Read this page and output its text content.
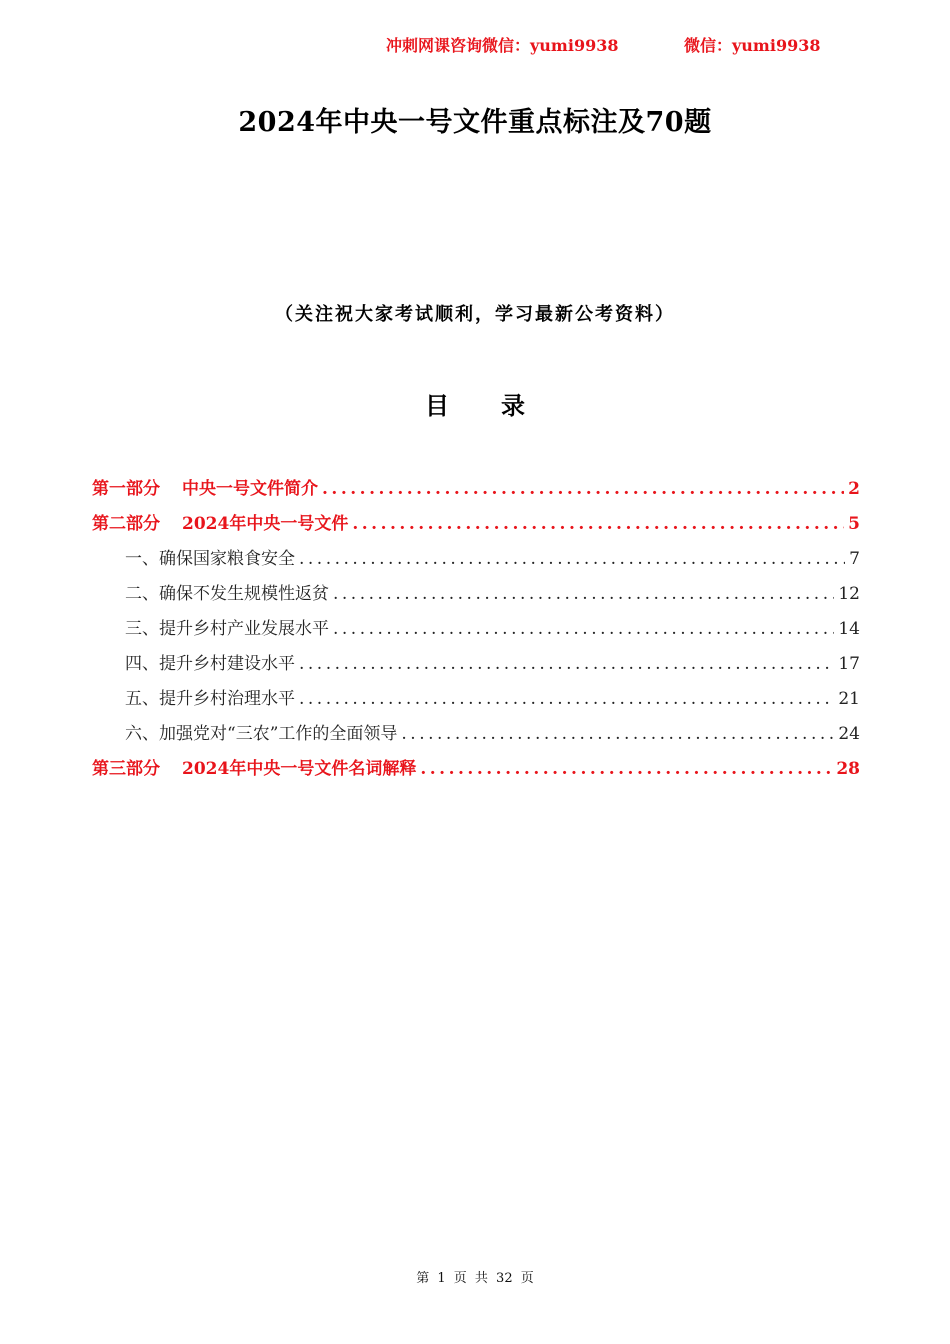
冲刺网课咨询微信：yumi9938	微信：yumi9938
2024年中央一号文件重点标注及70题
（关注祝大家考试顺利，学习最新公考资料）
目 录
第一部分 中央一号文件简介 .....	2
第二部分 2024年中央一号文件 .....	5
一、确保国家粮食安全 .....	7
二、确保不发生规模性返贫 .....	12
三、提升乡村产业发展水平 .....	14
四、提升乡村建设水平 .....	17
五、提升乡村治理水平 .....	21
六、加强党对“三农”工作的全面领导 .....	24
第三部分 2024年中央一号文件名词解释 .....	28
第 1 页 共 32 页
